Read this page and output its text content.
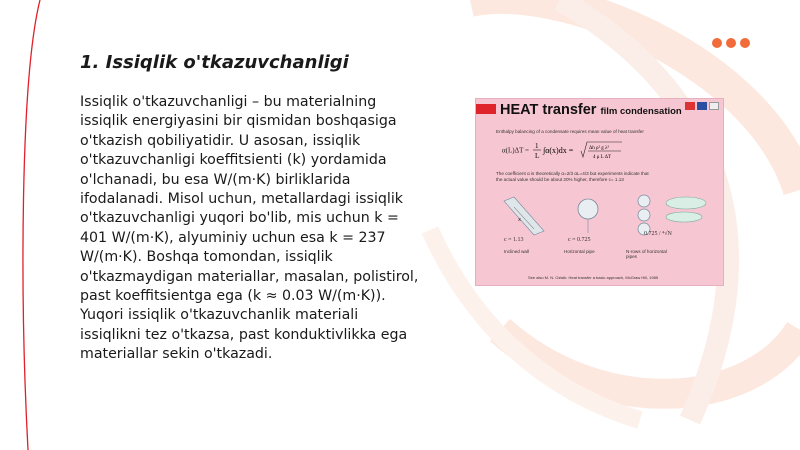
1. Issiqlik o'tkazuvchanligi

Issiqlik o'tkazuvchanligi – bu materialning issiqlik energiyasini bir qismidan boshqasiga o'tkazish qobiliyatidir. U asosan, issiqlik o'tkazuvchanligi koeffitsienti (k) yordamida o'lchanadi, bu esa W/(m·K) birliklarida ifodalanadi. Misol uchun, metallardagi issiqlik o'tkazuvchanligi yuqori bo'lib, mis uchun k = 401 W/(m·K), alyuminiy uchun esa k = 237 W/(m·K). Boshqa tomondan, issiqlik o'tkazmaydigan materiallar, masalan, polistirol, past koeffitsientga ega (k ≈ 0.03 W/(m·K)). Yuqori issiqlik o'tkazuvchanlik materiali issiqlikni tez o'tkazsa, past konduktivlikka ega materiallar sekin o'tkazadi.

HEAT transfer film condensation
Enthalpy balancing of a condensate requires mean value of heat transfer
α(L)ΔT =
1
L
∫α(x)dx =	Δh ρ² g λ³
4 μ L ΔT
The coefficient α is theoretically α=2/3 αL=4/3 but experiments indicate that
the actual value should be about 20% higher, therefore c= 1.13
x
c = 1.13	c = 0.725
0.725 / ⁴√N
Inclined wall	Horizontal pipe	N-rows of horizontal pipes
See also M. N. Ozisik: Heat transfer a basic approach, McGraw Hill, 1985
